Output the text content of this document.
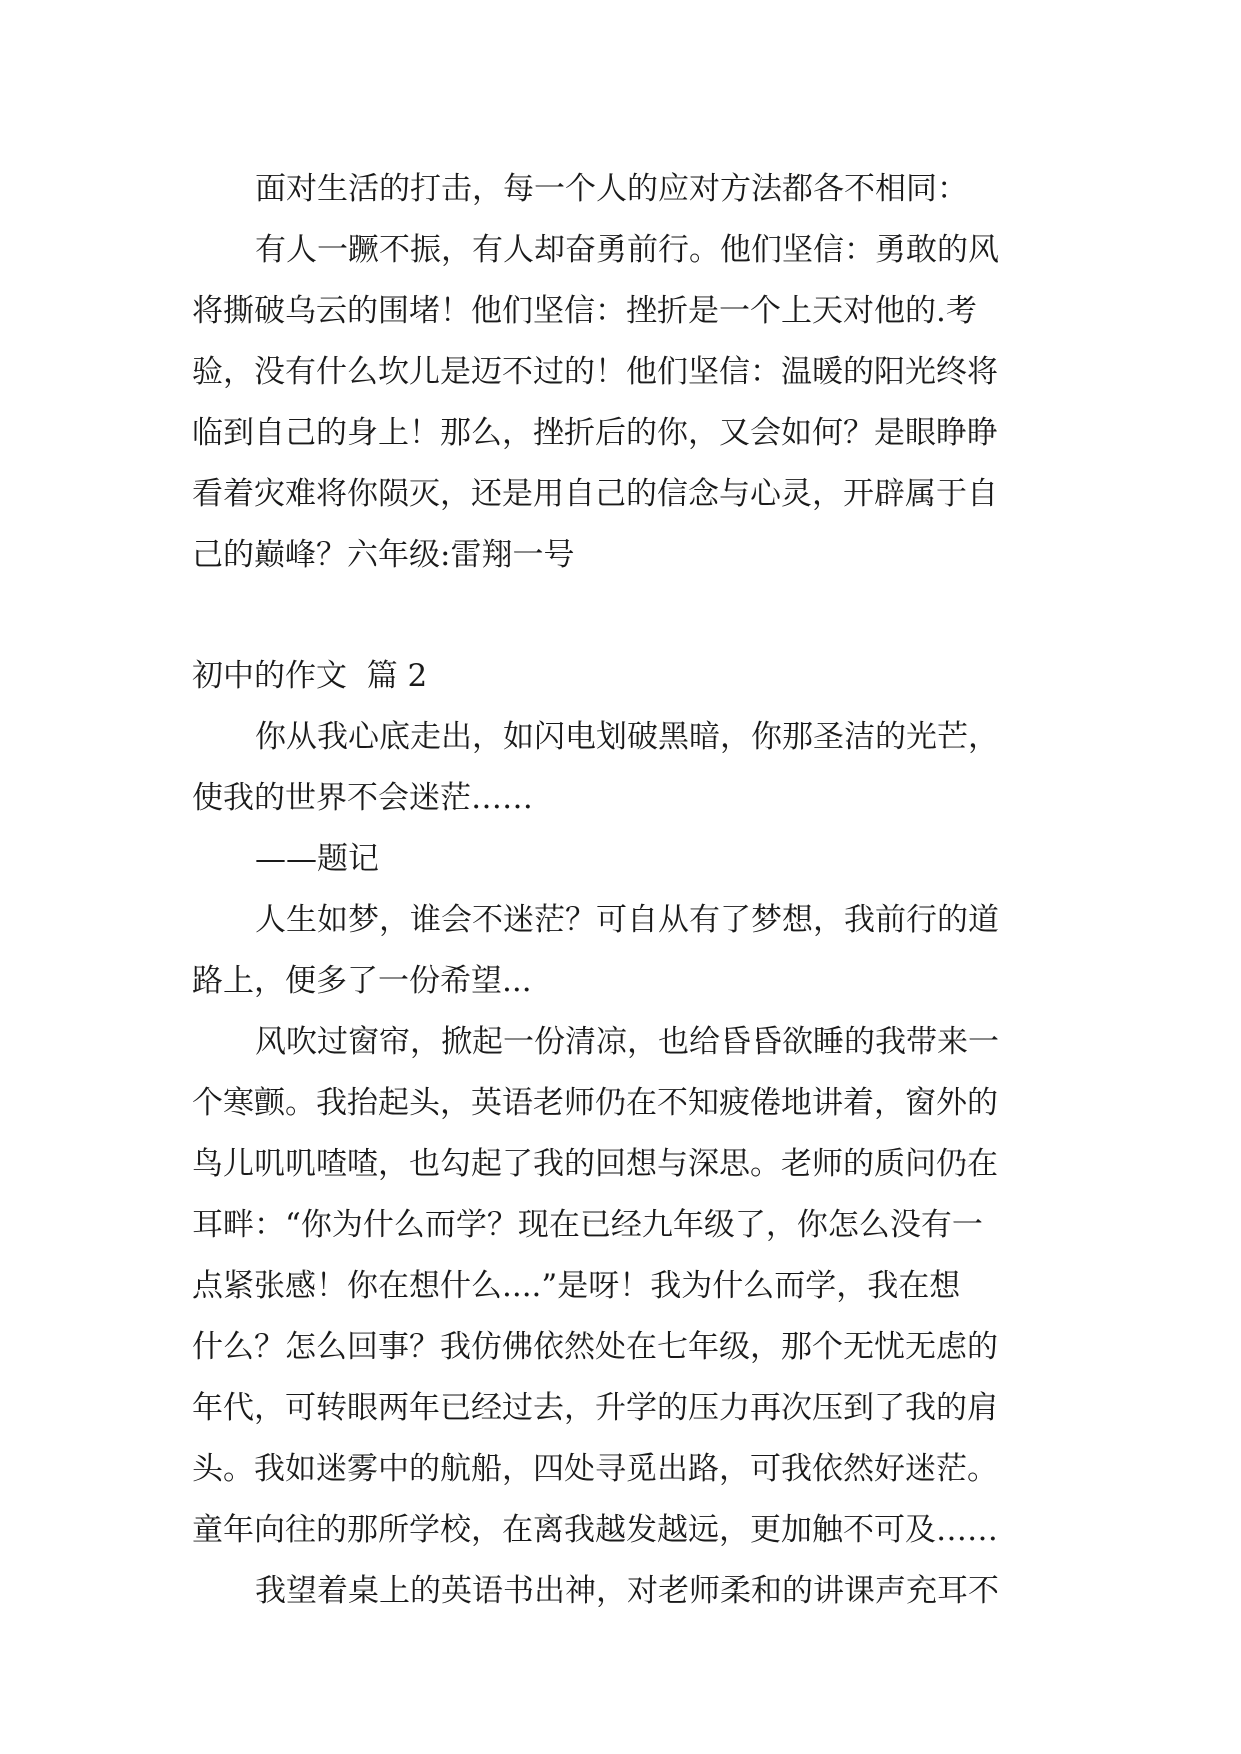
面对生活的打击，每一个人的应对方法都各不相同：
有人一蹶不振，有人却奋勇前行。他们坚信：勇敢的风
将撕破乌云的围堵！他们坚信：挫折是一个上天对他的.考
验，没有什么坎儿是迈不过的！他们坚信：温暖的阳光终将
临到自己的身上！那么，挫折后的你，又会如何？是眼睁睁
看着灾难将你陨灭，还是用自己的信念与心灵，开辟属于自
己的巅峰？六年级:雷翔一号
初中的作文  篇 2
你从我心底走出，如闪电划破黑暗，你那圣洁的光芒，
使我的世界不会迷茫……
——题记
人生如梦，谁会不迷茫？可自从有了梦想，我前行的道
路上，便多了一份希望...
风吹过窗帘，掀起一份清凉，也给昏昏欲睡的我带来一
个寒颤。我抬起头，英语老师仍在不知疲倦地讲着，窗外的
鸟儿叽叽喳喳，也勾起了我的回想与深思。老师的质问仍在
耳畔：“你为什么而学？现在已经九年级了，你怎么没有一
点紧张感！你在想什么....”是呀！我为什么而学，我在想
什么？怎么回事？我仿佛依然处在七年级，那个无忧无虑的
年代，可转眼两年已经过去，升学的压力再次压到了我的肩
头。我如迷雾中的航船，四处寻觅出路，可我依然好迷茫。
童年向往的那所学校，在离我越发越远，更加触不可及……
我望着桌上的英语书出神，对老师柔和的讲课声充耳不
